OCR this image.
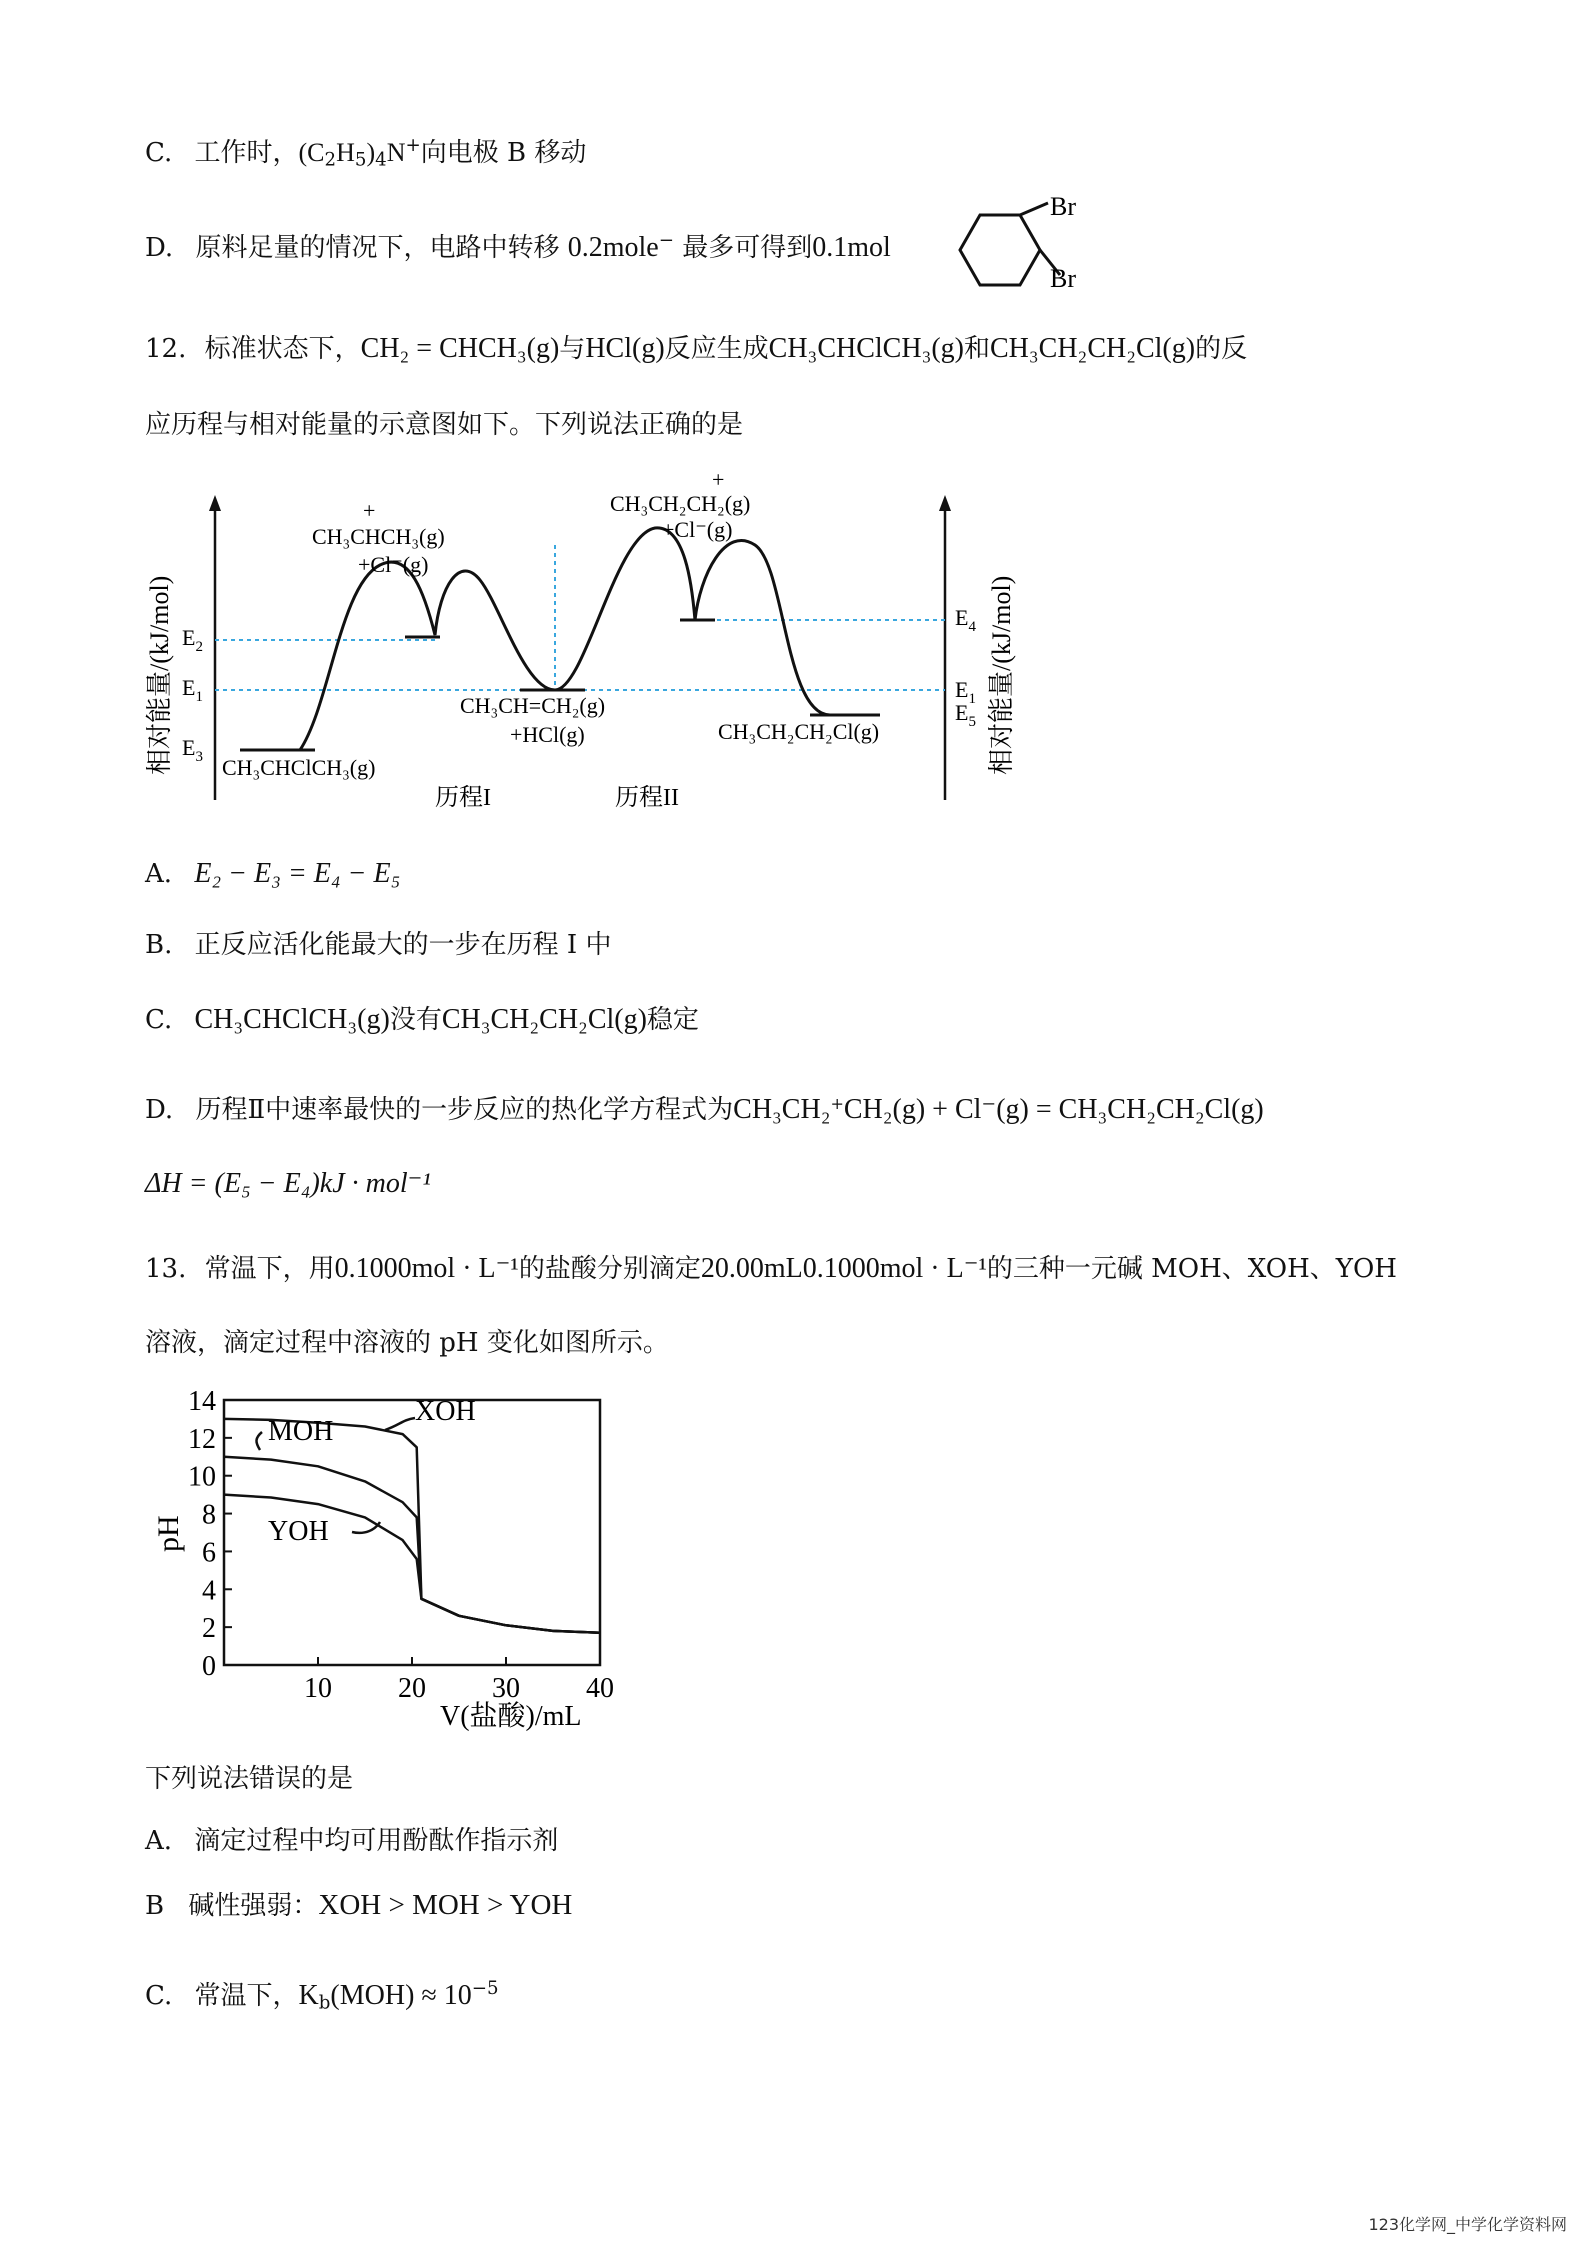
C. 工作时，$(C_2H_5)_4N^+$向电极 B 移动
D. 原料足量的情况下，电路中转移 0.2mole− 最多可得到0.1mol
Br
Br
12. 标准状态下，CH₂ = CHCH₃(g)与HCl(g)反应生成CH₃CHClCH₃(g)和CH₃CH₂CH₂Cl(g)的反
应历程与相对能量的示意图如下。下列说法正确的是
相对能量/(kJ/mol)	相对能量/(kJ/mol)
$E_2$
$E_1$
$E_3$
$E_4$
$E_1$
$E_5$
+
CH₃CHCH₃(g)
+Cl⁻(g)
+
CH₃CH₂CH₂(g)
+Cl⁻(g)
CH₃CH=CH₂(g)
+HCl(g)
CH₃CHClCH₃(g)
CH₃CH₂CH₂Cl(g)
历程I	历程II
A. E₂ − E₃ = E₄ − E₅
B. 正反应活化能最大的一步在历程 I 中
C. CH₃CHClCH₃(g)没有CH₃CH₂CH₂Cl(g)稳定
D. 历程Ⅱ中速率最快的一步反应的热化学方程式为CH₃CH₂+CH₂(g) + Cl⁻(g) = CH₃CH₂CH₂Cl(g)
ΔH = (E₅ − E₄)kJ · mol⁻¹
13. 常温下，用0.1000mol · L⁻¹的盐酸分别滴定20.00mL0.1000mol · L⁻¹的三种一元碱 MOH、XOH、YOH
溶液，滴定过程中溶液的 pH 变化如图所示。
0
2
4
6
8
10
12
14
10 20 30 40
XOH
MOH
YOH
pH
V(盐酸)/mL
下列说法错误的是
A. 滴定过程中均可用酚酞作指示剂
B 碱性强弱：XOH > MOH > YOH
C. 常温下，$K_b(MOH) \approx 10^{-5}$
123化学网_中学化学资料网
